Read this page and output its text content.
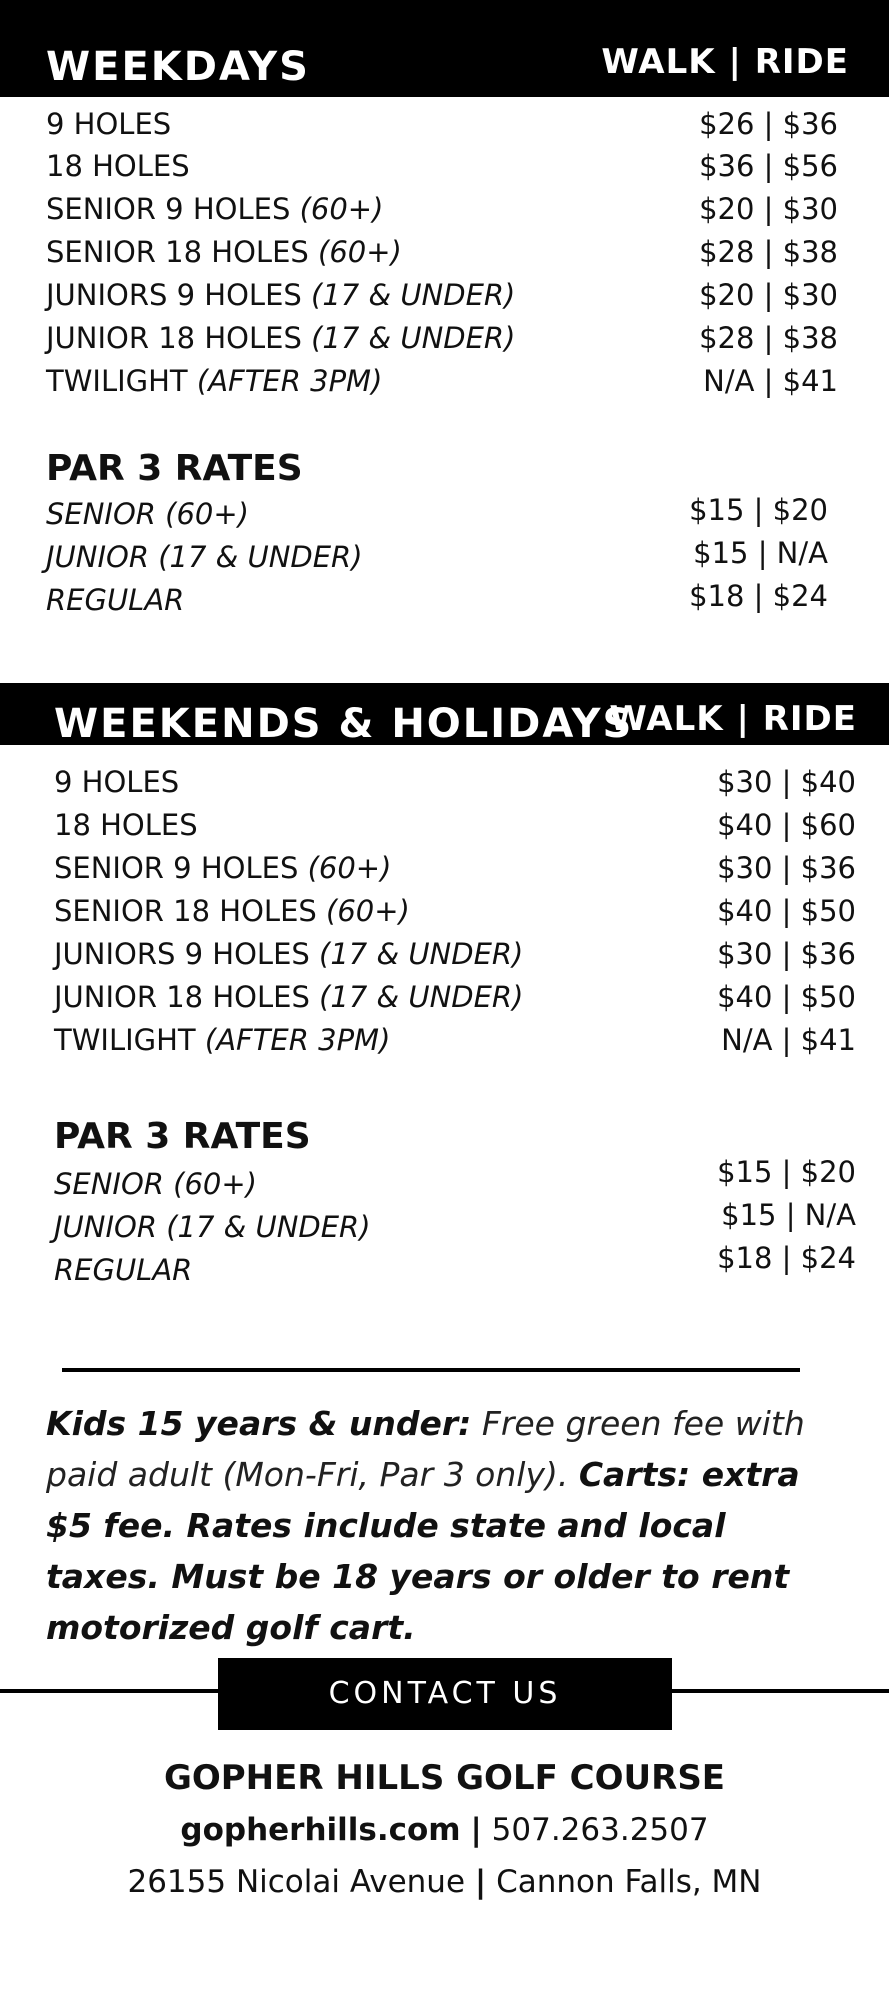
WEEKDAYS	WALK | RIDE
9 HOLES	$26 | $36
18 HOLES	$36 | $56
SENIOR 9 HOLES (60+)	$20 | $30
SENIOR 18 HOLES (60+)	$28 | $38
JUNIORS 9 HOLES (17 & UNDER)	$20 | $30
JUNIOR 18 HOLES (17 & UNDER)	$28 | $38
TWILIGHT (AFTER 3PM)	N/A | $41
PAR 3 RATES
SENIOR (60+)	$15 | $20
JUNIOR (17 & UNDER)	$15 | N/A
REGULAR	$18 | $24
WEEKENDS & HOLIDAYS
WALK | RIDE
9 HOLES	$30 | $40
18 HOLES	$40 | $60
SENIOR 9 HOLES (60+)	$30 | $36
SENIOR 18 HOLES (60+)	$40 | $50
JUNIORS 9 HOLES (17 & UNDER)	$30 | $36
JUNIOR 18 HOLES (17 & UNDER)	$40 | $50
TWILIGHT (AFTER 3PM)	N/A | $41
PAR 3 RATES
SENIOR (60+)	$15 | $20
JUNIOR (17 & UNDER)	$15 | N/A
REGULAR	$18 | $24
Kids 15 years & under: Free green fee with paid adult (Mon-Fri, Par 3 only). Carts: extra $5 fee. Rates include state and local taxes. Must be 18 years or older to rent motorized golf cart.
CONTACT US
GOPHER HILLS GOLF COURSE
gopherhills.com | 507.263.2507
26155 Nicolai Avenue | Cannon Falls, MN
